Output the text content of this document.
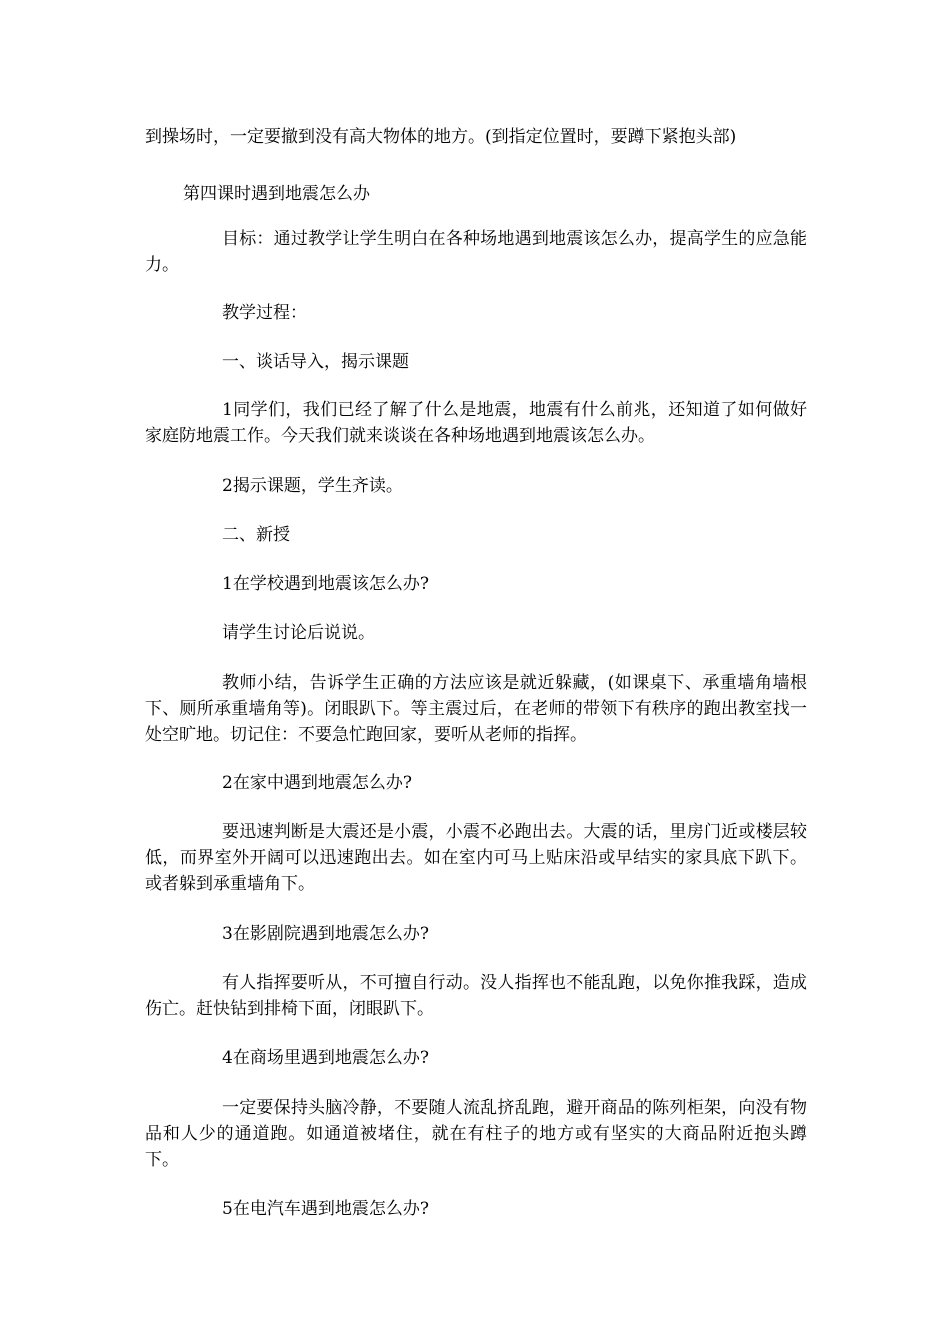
到操场时，一定要撤到没有高大物体的地方。(到指定位置时，要蹲下紧抱头部)

第四课时遇到地震怎么办

目标：通过教学让学生明白在各种场地遇到地震该怎么办，提高学生的应急能力。

教学过程：

一、谈话导入，揭示课题

1同学们，我们已经了解了什么是地震，地震有什么前兆，还知道了如何做好家庭防地震工作。今天我们就来谈谈在各种场地遇到地震该怎么办。

2揭示课题，学生齐读。

二、新授

1在学校遇到地震该怎么办?

请学生讨论后说说。

教师小结，告诉学生正确的方法应该是就近躲藏，(如课桌下、承重墙角墙根下、厕所承重墙角等)。闭眼趴下。等主震过后，在老师的带领下有秩序的跑出教室找一处空旷地。切记住：不要急忙跑回家，要听从老师的指挥。

2在家中遇到地震怎么办?

要迅速判断是大震还是小震，小震不必跑出去。大震的话，里房门近或楼层较低，而界室外开阔可以迅速跑出去。如在室内可马上贴床沿或早结实的家具底下趴下。或者躲到承重墙角下。

3在影剧院遇到地震怎么办?

有人指挥要听从，不可擅自行动。没人指挥也不能乱跑，以免你推我踩，造成伤亡。赶快钻到排椅下面，闭眼趴下。

4在商场里遇到地震怎么办?

一定要保持头脑冷静，不要随人流乱挤乱跑，避开商品的陈列柜架，向没有物品和人少的通道跑。如通道被堵住，就在有柱子的地方或有坚实的大商品附近抱头蹲下。

5在电汽车遇到地震怎么办?
